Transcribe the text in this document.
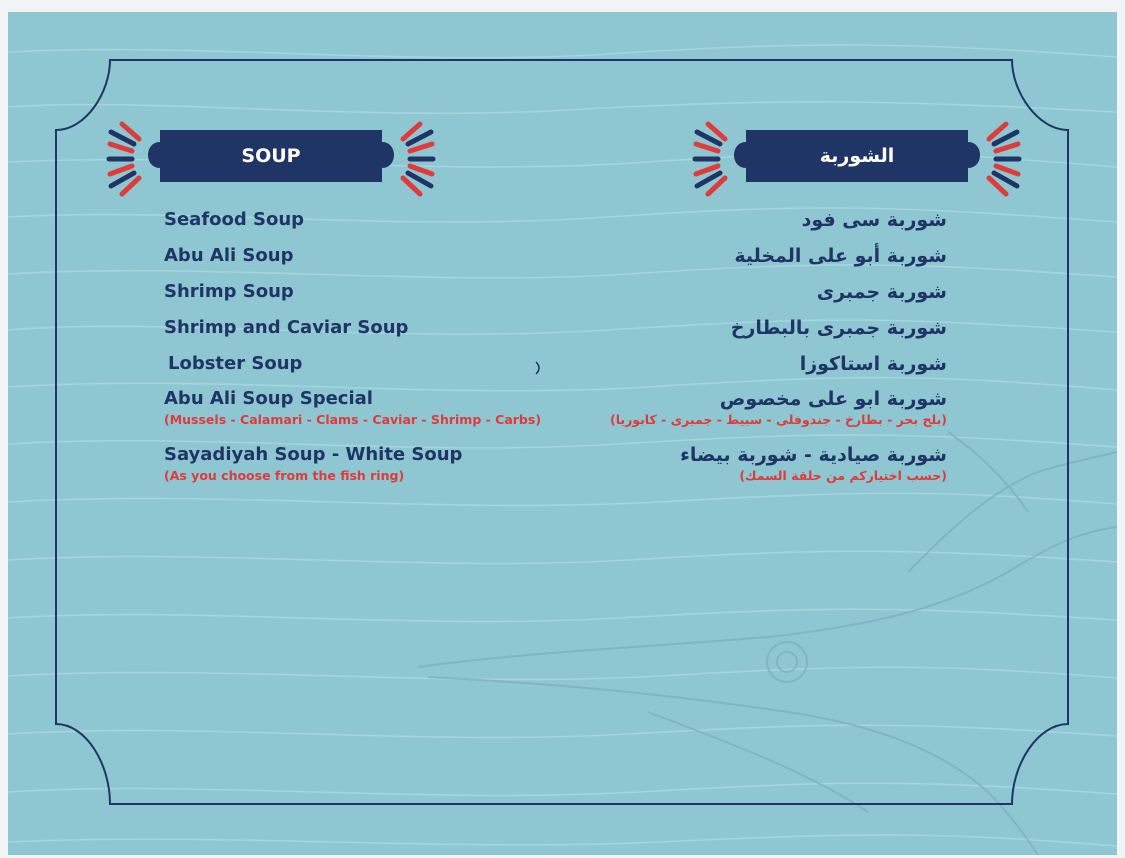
SOUP	الشوربة
Seafood Soup
Abu Ali Soup
Shrimp Soup
Shrimp and Caviar Soup
Lobster Soup
Abu Ali Soup Special
(Mussels - Calamari - Clams - Caviar - Shrimp - Carbs)
Sayadiyah Soup - White Soup
(As you choose from the fish ring)
شوربة سى فود
شوربة أبو على المخلية
شوربة جمبرى
شوربة جمبرى بالبطارخ
شوربة استاكوزا
شوربة ابو على مخصوص
(بلح بحر - بطارخ - جندوفلى - سبيط - جمبرى - كابوريا)
شوربة صيادية - شوربة بيضاء
(حسب اختياركم من حلقة السمك)
